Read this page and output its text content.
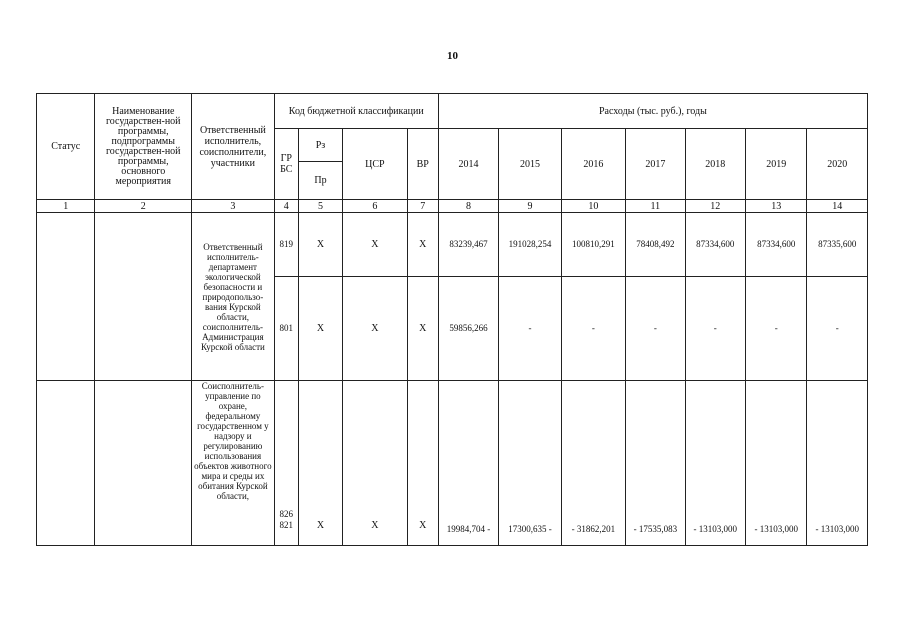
10
Статус	Наименование государствен-ной программы, подпрограммы государствен-ной программы, основного мероприятия	Ответственный исполнитель, соисполнители, участники	Код бюджетной классификации				Расходы (тыс. руб.), годы						
			ГР БС	Рз	ЦСР	ВР	2014	2015	2016	2017	2018	2019	2020
				Пр									
1	2	3	4	5	6	7	8	9	10	11	12	13	14
		Ответственный исполнитель-департамент экологической безопасности и природопользо-вания Курской области, соисполнитель-Администрация Курской области	819	X	X	X	83239,467	191028,254	100810,291	78408,492	87334,600	87334,600	87335,600
			801	X	X	X	59856,266	-	-	-	-	-	-
		Соисполнитель-управление по охране, федеральному государственном у надзору и регулированию использования объектов животного мира и среды их обитания Курской области,	826 821	X	X	X	19984,704 -	17300,635 -	- 31862,201	- 17535,083	- 13103,000	- 13103,000	- 13103,000
